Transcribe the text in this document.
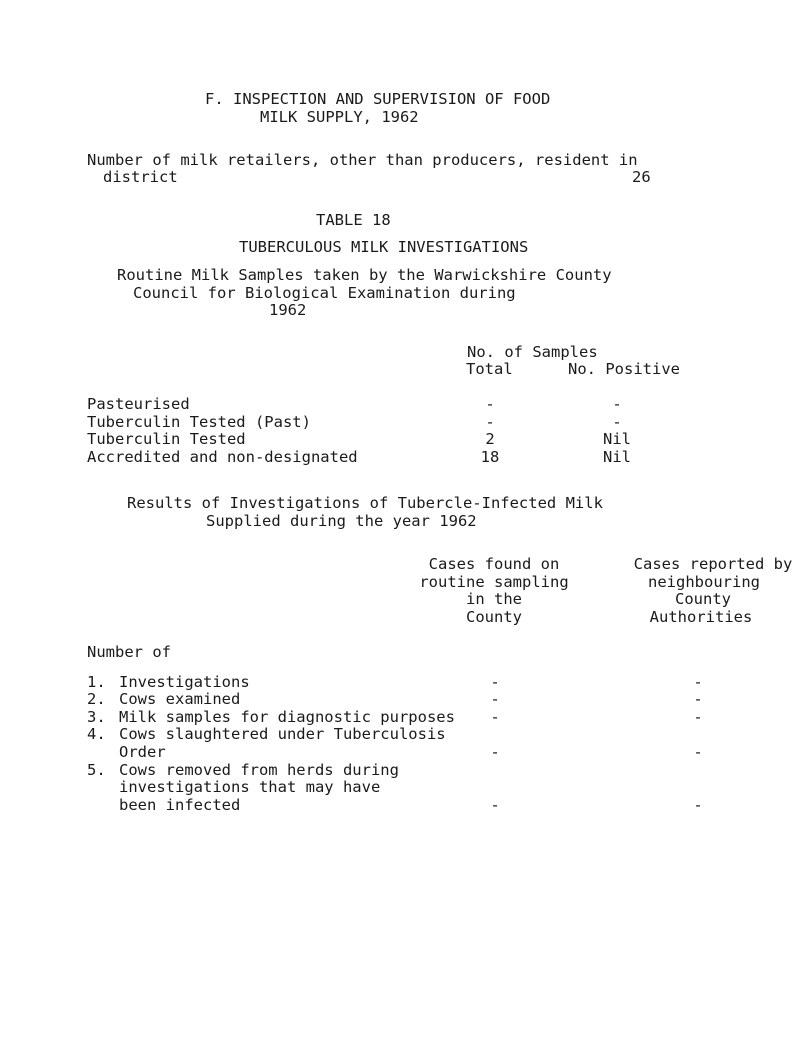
F. INSPECTION AND SUPERVISION OF FOOD
MILK SUPPLY, 1962
Number of milk retailers, other than producers, resident in
district	26
TABLE 18
TUBERCULOUS MILK INVESTIGATIONS
Routine Milk Samples taken by the Warwickshire County
Council for Biological Examination during
1962
No. of Samples
Total	No. Positive
Pasteurised	-	-
Tuberculin Tested (Past)	-	-
Tuberculin Tested	2	Nil
Accredited and non-designated	18	Nil
Results of Investigations of Tubercle-Infected Milk
Supplied during the year 1962
Cases found on
routine sampling
in the
County
Cases reported by
neighbouring
County
Authorities
Number of
1. Investigations	-	-
2. Cows examined	-	-
3. Milk samples for diagnostic purposes -	-
4. Cows slaughtered under Tuberculosis
Order	-	-
5. Cows removed from herds during
investigations that may have
been infected	-	-
